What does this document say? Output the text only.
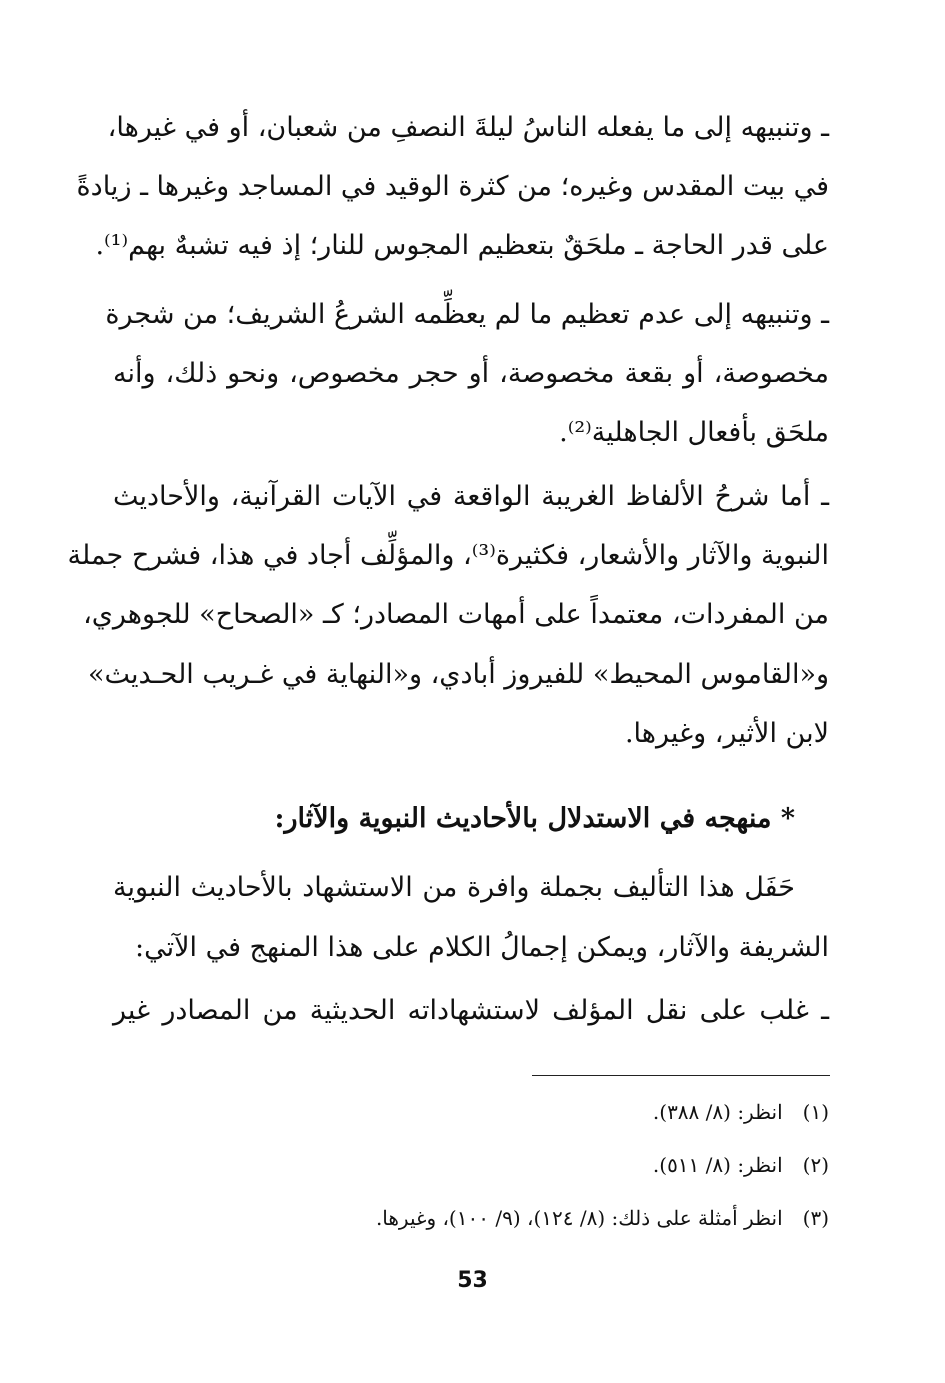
ـ وتنبيهه إلى ما يفعله الناسُ ليلةَ النصفِ من شعبان، أو في غيرها،
في بيت المقدس وغيره؛ من كثرة الوقيد في المساجد وغيرها ـ زيادةً
على قدر الحاجة ـ ملحَقٌ بتعظيم المجوس للنار؛ إذ فيه تشبهٌ بهم⁽¹⁾.
ـ وتنبيهه إلى عدم تعظيم ما لم يعظِّمه الشرعُ الشريف؛ من شجرة
مخصوصة، أو بقعة مخصوصة، أو حجر مخصوص، ونحو ذلك، وأنه
ملحَق بأفعال الجاهلية⁽²⁾.
ـ أما شرحُ الألفاظ الغريبة الواقعة في الآيات القرآنية، والأحاديث
النبوية والآثار والأشعار، فكثيرة⁽³⁾، والمؤلِّف أجاد في هذا، فشرح جملة
من المفردات، معتمداً على أمهات المصادر؛ كـ «الصحاح» للجوهري،
و«القاموس المحيط» للفيروز أبادي، و«النهاية في غـريب الحـديث»
لابن الأثير، وغيرها.
* منهجه في الاستدلال بالأحاديث النبوية والآثار:
حَفَل هذا التأليف بجملة وافرة من الاستشهاد بالأحاديث النبوية
الشريفة والآثار، ويمكن إجمالُ الكلام على هذا المنهج في الآتي:
ـ غلب على نقل المؤلف لاستشهاداته الحديثية من المصادر غير
(١)انظر: (٨/ ٣٨٨).
(٢)انظر: (٨/ ٥١١).
(٣)انظر أمثلة على ذلك: (٨/ ١٢٤)، (٩/ ١٠٠)، وغيرها.
53
